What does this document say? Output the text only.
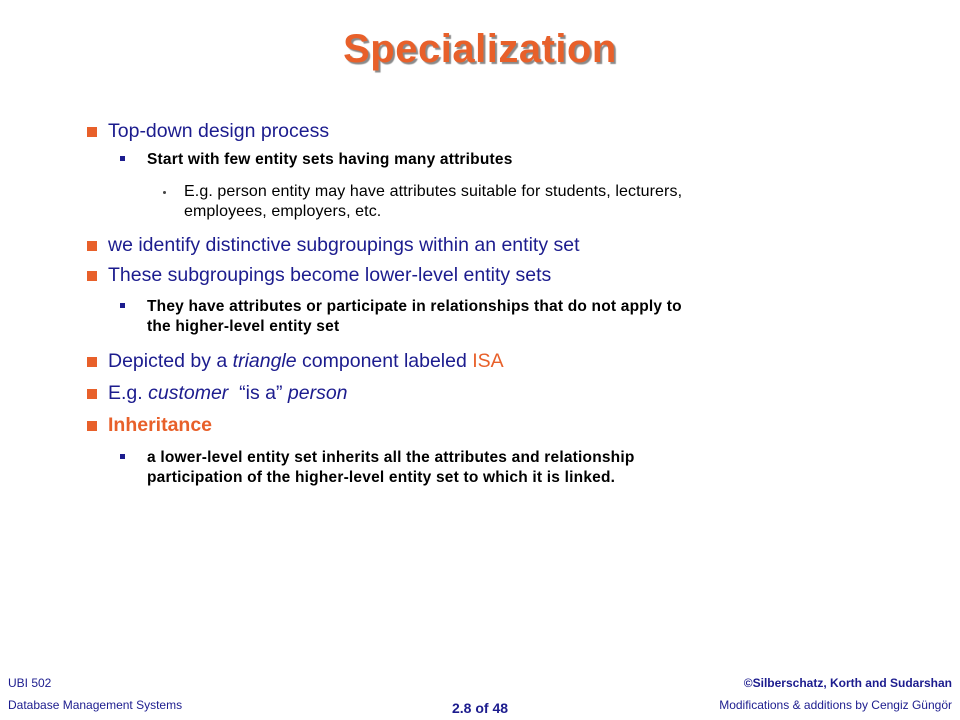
Specialization
Top-down design process
Start with few entity sets having many attributes
E.g. person entity may have attributes suitable for students, lecturers,
employees, employers, etc.
we identify distinctive subgroupings within an entity set
These subgroupings become lower-level entity sets
They have attributes or participate in relationships that do not apply to
the higher-level entity set
Depicted by a triangle component labeled ISA
E.g. customer  “is a” person
Inheritance
a lower-level entity set inherits all the attributes and relationship
participation of the higher-level entity set to which it is linked.
UBI 502
Database Management Systems	2.8 of 48
©Silberschatz, Korth and Sudarshan
Modifications & additions by Cengiz Güngör
